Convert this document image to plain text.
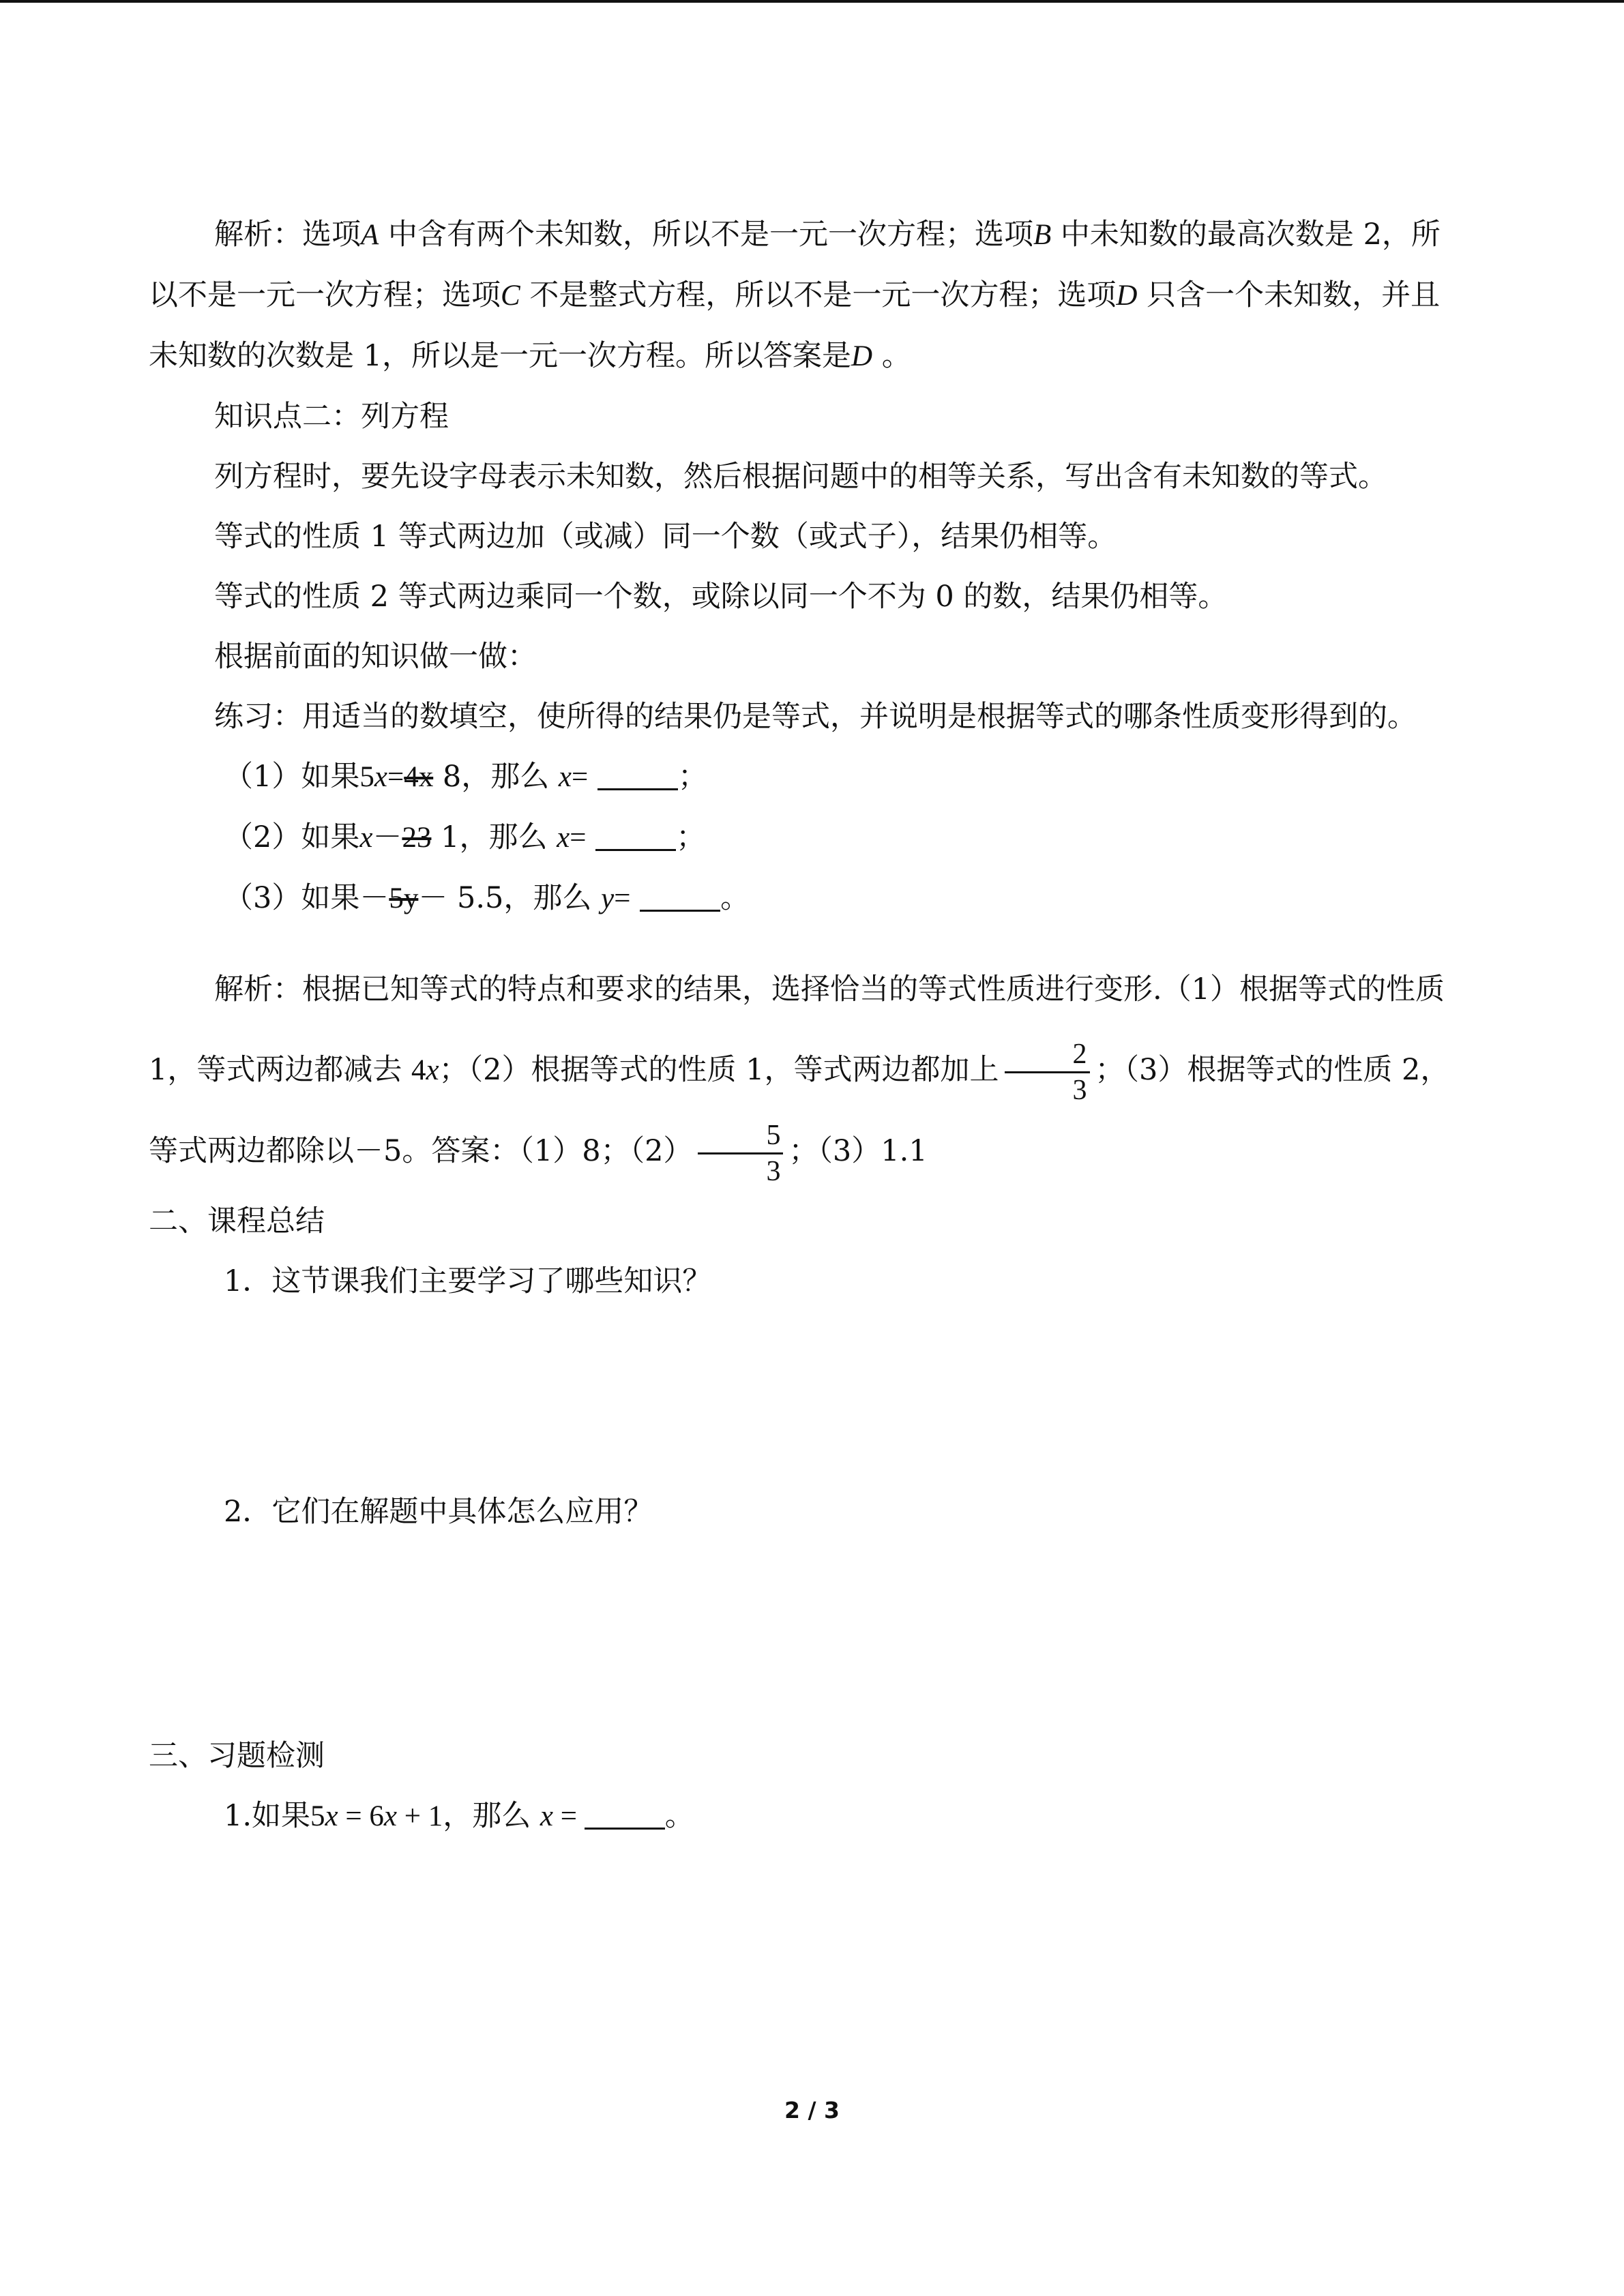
解析：选项A 中含有两个未知数，所以不是一元一次方程；选项B 中未知数的最高次数是 2，所以不是一元一次方程；选项C 不是整式方程，所以不是一元一次方程；选项D 只含一个未知数，并且未知数的次数是 1，所以是一元一次方程。所以答案是D 。

知识点二：列方程

列方程时，要先设字母表示未知数，然后根据问题中的相等关系，写出含有未知数的等式。

等式的性质 1 等式两边加（或减）同一个数（或式子），结果仍相等。

等式的性质 2 等式两边乘同一个数，或除以同一个不为 0 的数，结果仍相等。

根据前面的知识做一做：

练习：用适当的数填空，使所得的结果仍是等式，并说明是根据等式的哪条性质变形得到的。

（1）如果5x=4x 8，那么 x=	；

（2）如果x－23 1，那么 x=	；

（3）如果－5y－ 5.5，那么 y=	。

解析：根据已知等式的特点和要求的结果，选择恰当的等式性质进行变形.（1）根据等式的性质 1，等式两边都减去 4x；（2）根据等式的性质 1，等式两边都加上 $\frac{2}{3}$ ；（3）根据等式的性质 2，等式两边都除以－5。答案：（1）8；$(2) \frac{5}{3}$ ；（3）1.1

二、课程总结

1．这节课我们主要学习了哪些知识？

2．它们在解题中具体怎么应用？

三、习题检测

1.如果5x = 6x + 1，那么 x =	。

2 / 3
